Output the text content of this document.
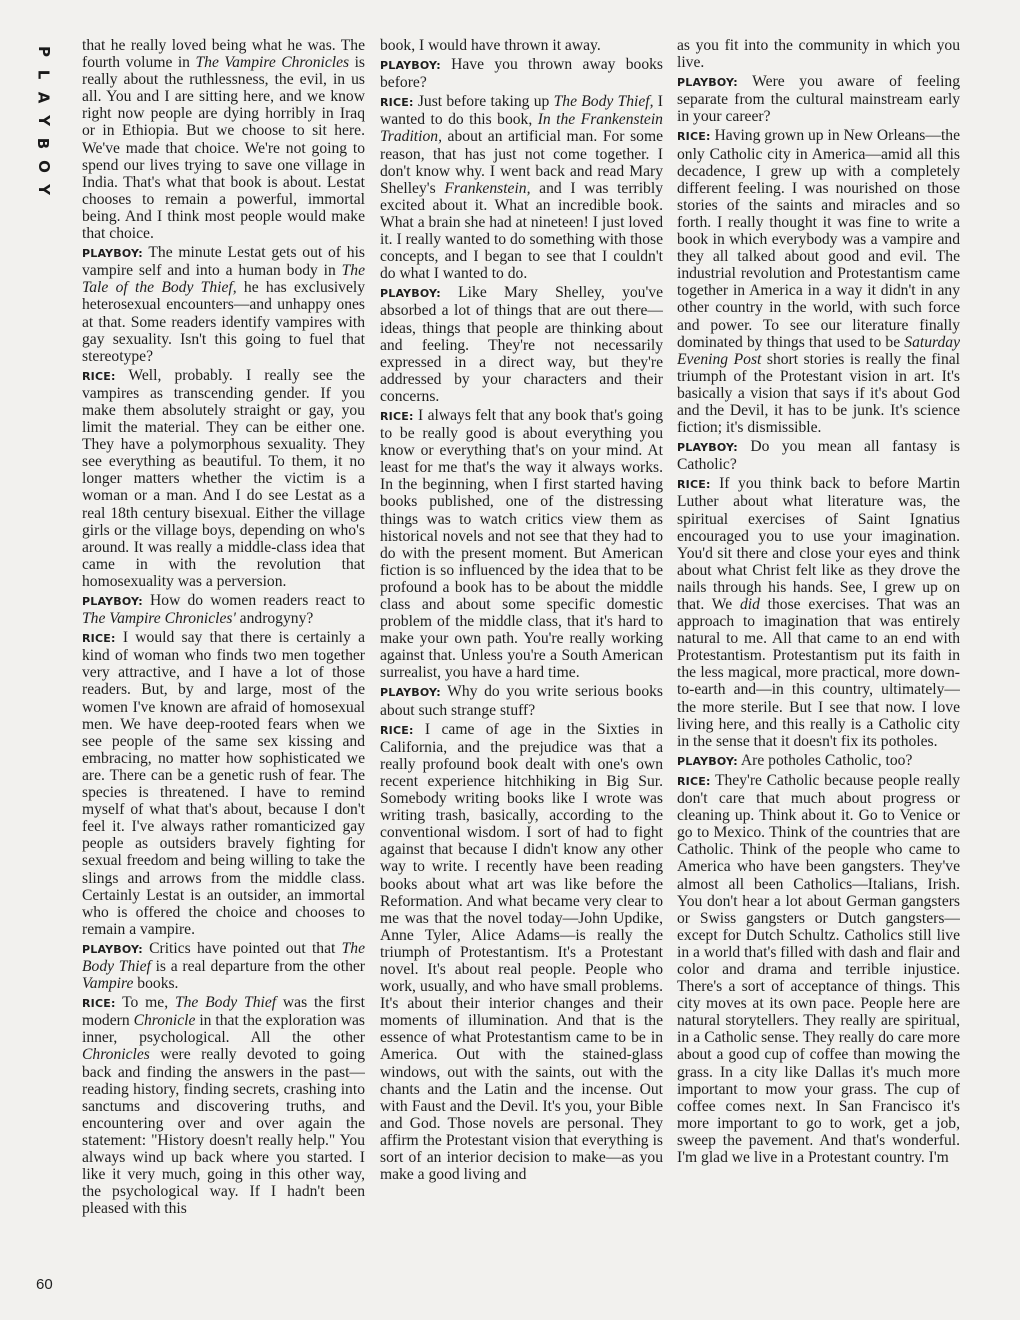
P
L
A
Y
B
O
Y

that he really loved being what he was. The fourth volume in The Vampire Chronicles is really about the ruthlessness, the evil, in us all. You and I are sitting here, and we know right now people are dying horribly in Iraq or in Ethiopia. But we choose to sit here. We've made that choice. We're not going to spend our lives trying to save one village in India. That's what that book is about. Lestat chooses to remain a powerful, immortal being. And I think most people would make that choice.

PLAYBOY: The minute Lestat gets out of his vampire self and into a human body in The Tale of the Body Thief, he has exclusively heterosexual encounters—and unhappy ones at that. Some readers identify vampires with gay sexuality. Isn't this going to fuel that stereotype?

RICE: Well, probably. I really see the vampires as transcending gender. If you make them absolutely straight or gay, you limit the material. They can be either one. They have a polymorphous sexuality. They see everything as beautiful. To them, it no longer matters whether the victim is a woman or a man. And I do see Lestat as a real 18th century bisexual. Either the village girls or the village boys, depending on who's around. It was really a middle-class idea that came in with the revolution that homosexuality was a perversion.

PLAYBOY: How do women readers react to The Vampire Chronicles' androgyny?

RICE: I would say that there is certainly a kind of woman who finds two men together very attractive, and I have a lot of those readers. But, by and large, most of the women I've known are afraid of homosexual men. We have deep-rooted fears when we see people of the same sex kissing and embracing, no matter how sophisticated we are. There can be a genetic rush of fear. The species is threatened. I have to remind myself of what that's about, because I don't feel it. I've always rather romanticized gay people as outsiders bravely fighting for sexual freedom and being willing to take the slings and arrows from the middle class. Certainly Lestat is an outsider, an immortal who is offered the choice and chooses to remain a vampire.

PLAYBOY: Critics have pointed out that The Body Thief is a real departure from the other Vampire books.

RICE: To me, The Body Thief was the first modern Chronicle in that the exploration was inner, psychological. All the other Chronicles were really devoted to going back and finding the answers in the past—reading history, finding secrets, crashing into sanctums and discovering truths, and encountering over and over again the statement: "History doesn't really help." You always wind up back where you started. I like it very much, going in this other way, the psychological way. If I hadn't been pleased with this

book, I would have thrown it away.

PLAYBOY: Have you thrown away books before?

RICE: Just before taking up The Body Thief, I wanted to do this book, In the Frankenstein Tradition, about an artificial man. For some reason, that has just not come together. I don't know why. I went back and read Mary Shelley's Frankenstein, and I was terribly excited about it. What an incredible book. What a brain she had at nineteen! I just loved it. I really wanted to do something with those concepts, and I began to see that I couldn't do what I wanted to do.

PLAYBOY: Like Mary Shelley, you've absorbed a lot of things that are out there—ideas, things that people are thinking about and feeling. They're not necessarily expressed in a direct way, but they're addressed by your characters and their concerns.

RICE: I always felt that any book that's going to be really good is about everything you know or everything that's on your mind. At least for me that's the way it always works. In the beginning, when I first started having books published, one of the distressing things was to watch critics view them as historical novels and not see that they had to do with the present moment. But American fiction is so influenced by the idea that to be profound a book has to be about the middle class and about some specific domestic problem of the middle class, that it's hard to make your own path. You're really working against that. Unless you're a South American surrealist, you have a hard time.

PLAYBOY: Why do you write serious books about such strange stuff?

RICE: I came of age in the Sixties in California, and the prejudice was that a really profound book dealt with one's own recent experience hitchhiking in Big Sur. Somebody writing books like I wrote was writing trash, basically, according to the conventional wisdom. I sort of had to fight against that because I didn't know any other way to write. I recently have been reading books about what art was like before the Reformation. And what became very clear to me was that the novel today—John Updike, Anne Tyler, Alice Adams—is really the triumph of Protestantism. It's a Protestant novel. It's about real people. People who work, usually, and who have small problems. It's about their interior changes and their moments of illumination. And that is the essence of what Protestantism came to be in America. Out with the stained-glass windows, out with the saints, out with the chants and the Latin and the incense. Out with Faust and the Devil. It's you, your Bible and God. Those novels are personal. They affirm the Protestant vision that everything is sort of an interior decision to make—as you make a good living and

as you fit into the community in which you live.

PLAYBOY: Were you aware of feeling separate from the cultural mainstream early in your career?

RICE: Having grown up in New Orleans—the only Catholic city in America—amid all this decadence, I grew up with a completely different feeling. I was nourished on those stories of the saints and miracles and so forth. I really thought it was fine to write a book in which everybody was a vampire and they all talked about good and evil. The industrial revolution and Protestantism came together in America in a way it didn't in any other country in the world, with such force and power. To see our literature finally dominated by things that used to be Saturday Evening Post short stories is really the final triumph of the Protestant vision in art. It's basically a vision that says if it's about God and the Devil, it has to be junk. It's science fiction; it's dismissible.

PLAYBOY: Do you mean all fantasy is Catholic?

RICE: If you think back to before Martin Luther about what literature was, the spiritual exercises of Saint Ignatius encouraged you to use your imagination. You'd sit there and close your eyes and think about what Christ felt like as they drove the nails through his hands. See, I grew up on that. We did those exercises. That was an approach to imagination that was entirely natural to me. All that came to an end with Protestantism. Protestantism put its faith in the less magical, more practical, more down-to-earth and—in this country, ultimately—the more sterile. But I see that now. I love living here, and this really is a Catholic city in the sense that it doesn't fix its potholes.

PLAYBOY: Are potholes Catholic, too?

RICE: They're Catholic because people really don't care that much about progress or cleaning up. Think about it. Go to Venice or go to Mexico. Think of the countries that are Catholic. Think of the people who came to America who have been gangsters. They've almost all been Catholics—Italians, Irish. You don't hear a lot about German gangsters or Swiss gangsters or Dutch gangsters—except for Dutch Schultz. Catholics still live in a world that's filled with dash and flair and color and drama and terrible injustice. There's a sort of acceptance of things. This city moves at its own pace. People here are natural storytellers. They really are spiritual, in a Catholic sense. They really do care more about a good cup of coffee than mowing the grass. In a city like Dallas it's much more important to mow your grass. The cup of coffee comes next. In San Francisco it's more important to go to work, get a job, sweep the pavement. And that's wonderful. I'm glad we live in a Protestant country. I'm

60
